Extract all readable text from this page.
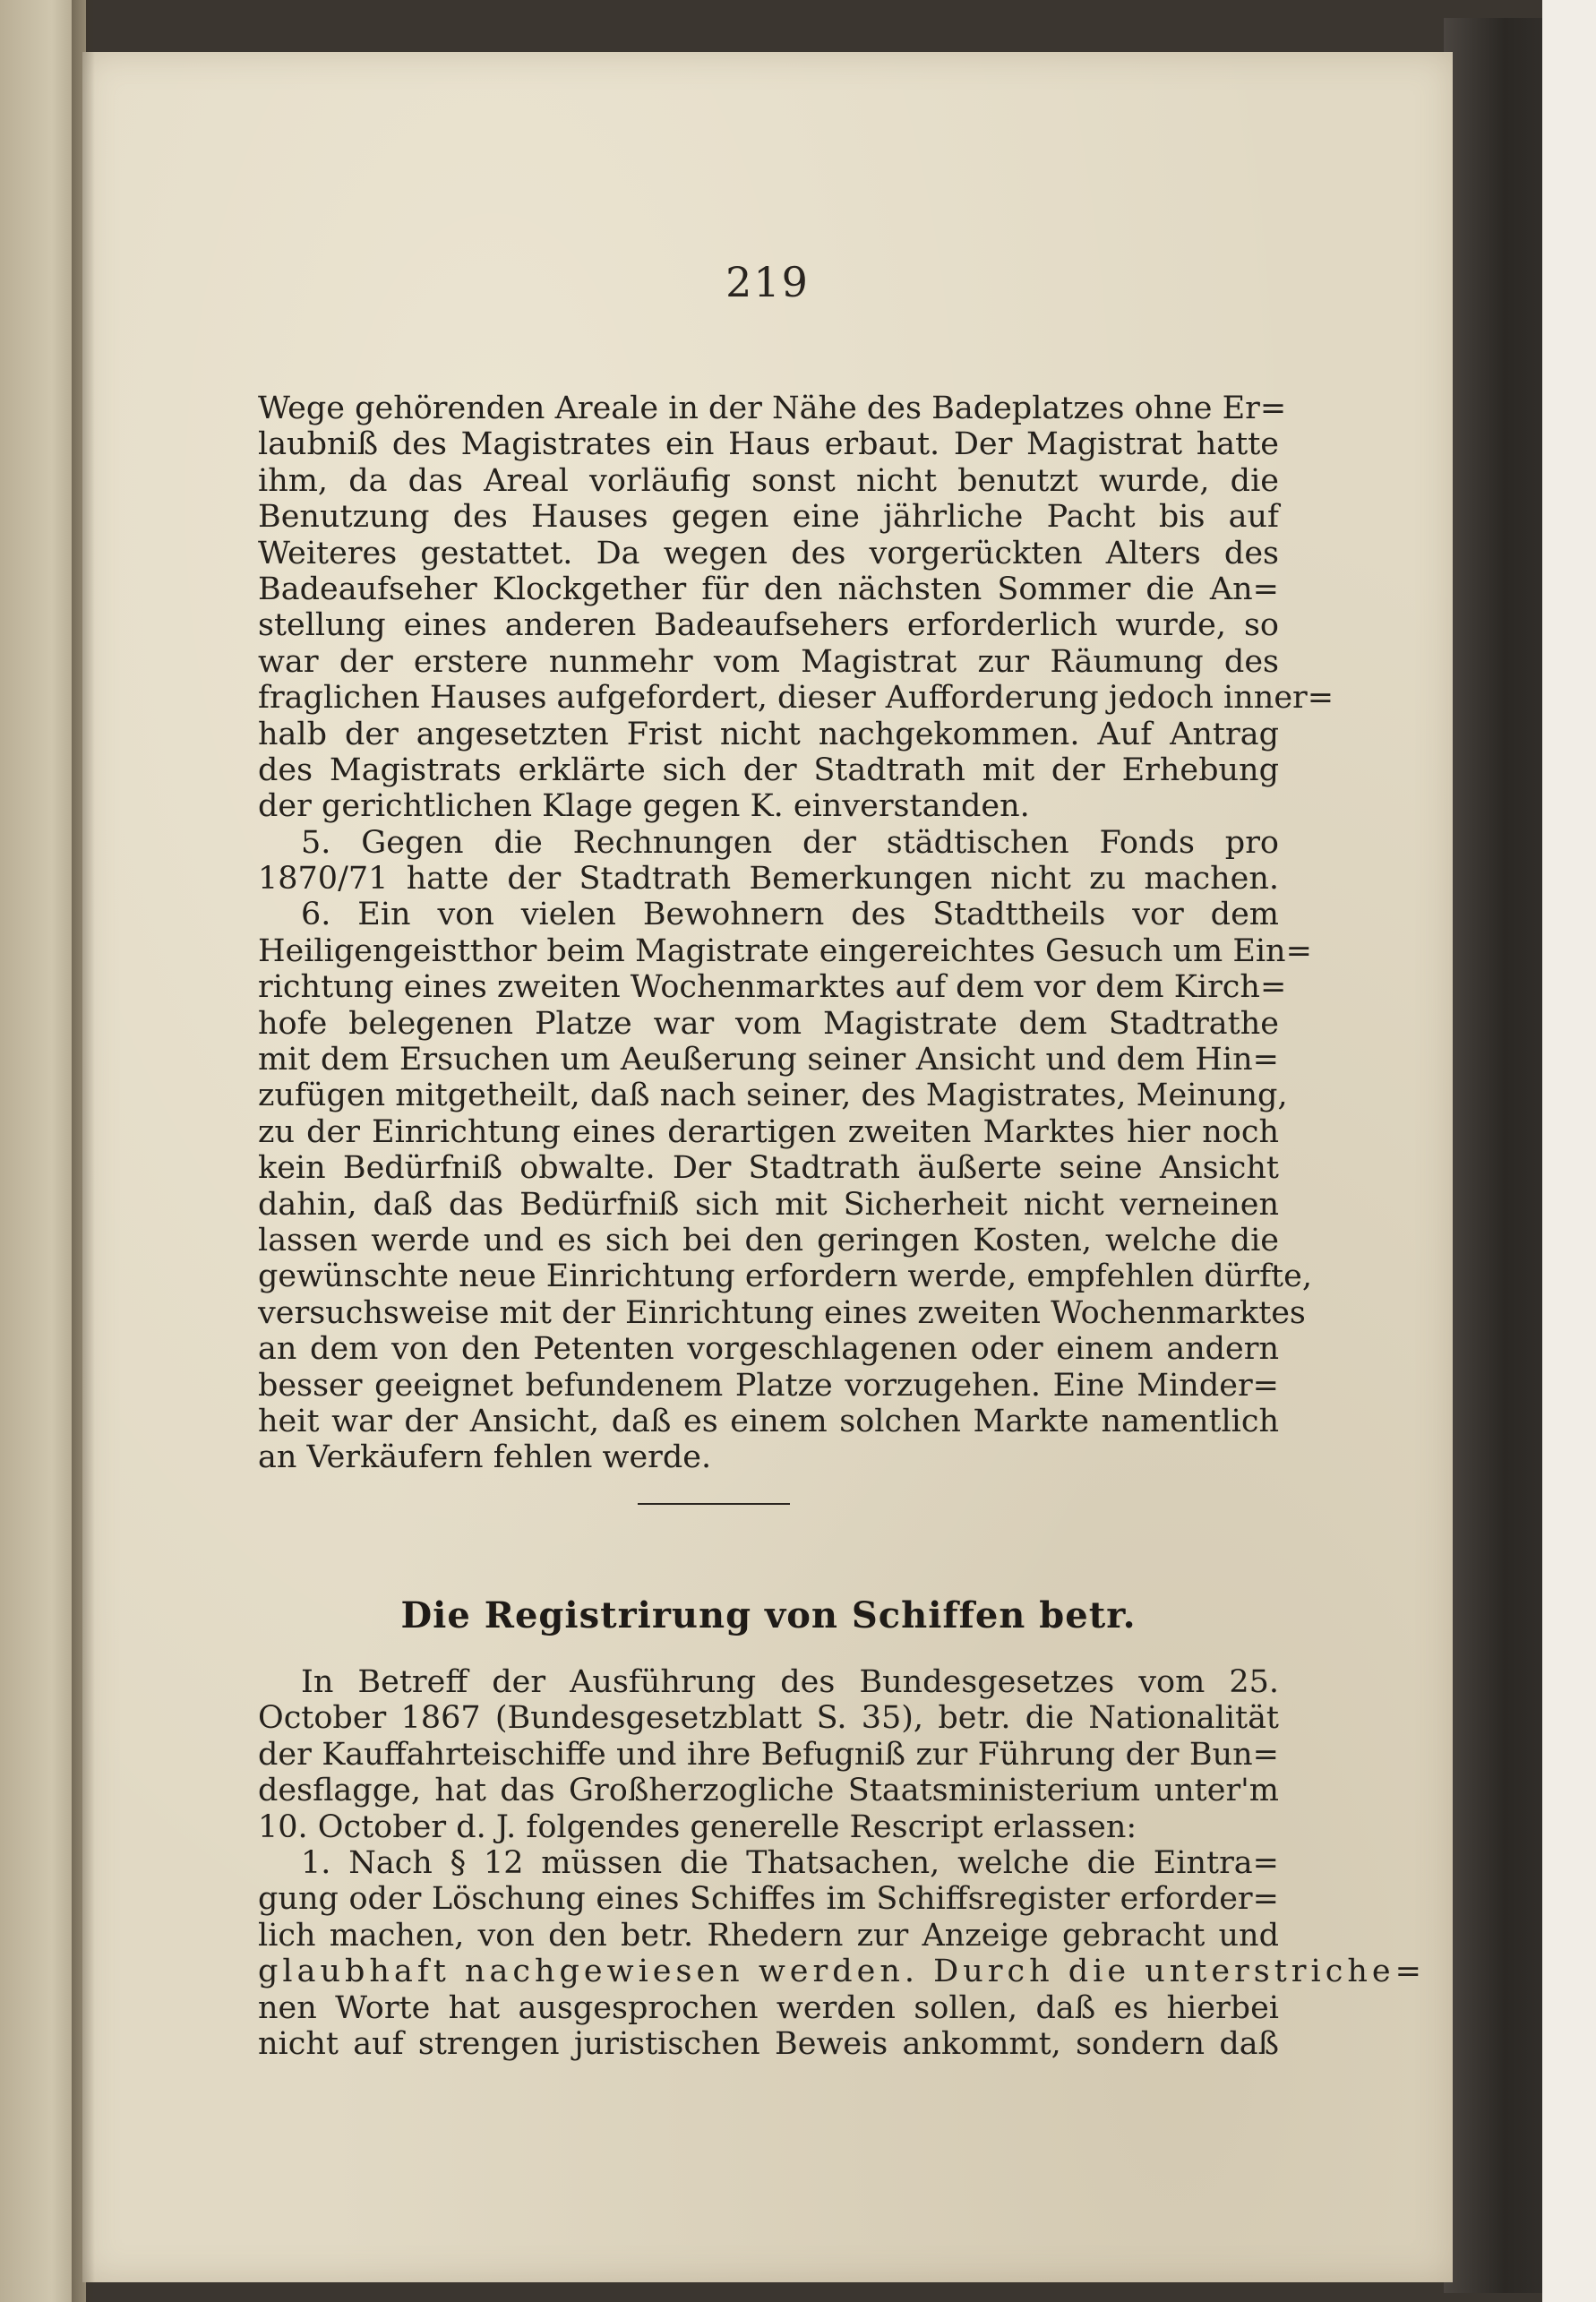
219
Wege gehörenden Areale in der Nähe des Badeplatzes ohne Er=
laubniß des Magistrates ein Haus erbaut. Der Magistrat hatte
ihm, da das Areal vorläufig sonst nicht benutzt wurde, die
Benutzung des Hauses gegen eine jährliche Pacht bis auf
Weiteres gestattet. Da wegen des vorgerückten Alters des
Badeaufseher Klockgether für den nächsten Sommer die An=
stellung eines anderen Badeaufsehers erforderlich wurde, so
war der erstere nunmehr vom Magistrat zur Räumung des
fraglichen Hauses aufgefordert, dieser Aufforderung jedoch inner=
halb der angesetzten Frist nicht nachgekommen. Auf Antrag
des Magistrats erklärte sich der Stadtrath mit der Erhebung
der gerichtlichen Klage gegen K. einverstanden.
5. Gegen die Rechnungen der städtischen Fonds pro
1870/71 hatte der Stadtrath Bemerkungen nicht zu machen.
6. Ein von vielen Bewohnern des Stadttheils vor dem
Heiligengeistthor beim Magistrate eingereichtes Gesuch um Ein=
richtung eines zweiten Wochenmarktes auf dem vor dem Kirch=
hofe belegenen Platze war vom Magistrate dem Stadtrathe
mit dem Ersuchen um Aeußerung seiner Ansicht und dem Hin=
zufügen mitgetheilt, daß nach seiner, des Magistrates, Meinung,
zu der Einrichtung eines derartigen zweiten Marktes hier noch
kein Bedürfniß obwalte. Der Stadtrath äußerte seine Ansicht
dahin, daß das Bedürfniß sich mit Sicherheit nicht verneinen
lassen werde und es sich bei den geringen Kosten, welche die
gewünschte neue Einrichtung erfordern werde, empfehlen dürfte,
versuchsweise mit der Einrichtung eines zweiten Wochenmarktes
an dem von den Petenten vorgeschlagenen oder einem andern
besser geeignet befundenem Platze vorzugehen. Eine Minder=
heit war der Ansicht, daß es einem solchen Markte namentlich
an Verkäufern fehlen werde.
Die Registrirung von Schiffen betr.
In Betreff der Ausführung des Bundesgesetzes vom 25.
October 1867 (Bundesgesetzblatt S. 35), betr. die Nationalität
der Kauffahrteischiffe und ihre Befugniß zur Führung der Bun=
desflagge, hat das Großherzogliche Staatsministerium unter'm
10. October d. J. folgendes generelle Rescript erlassen:
1. Nach § 12 müssen die Thatsachen, welche die Eintra=
gung oder Löschung eines Schiffes im Schiffsregister erforder=
lich machen, von den betr. Rhedern zur Anzeige gebracht und
glaubhaft nachgewiesen werden. Durch die unterstriche=
nen Worte hat ausgesprochen werden sollen, daß es hierbei
nicht auf strengen juristischen Beweis ankommt, sondern daß
